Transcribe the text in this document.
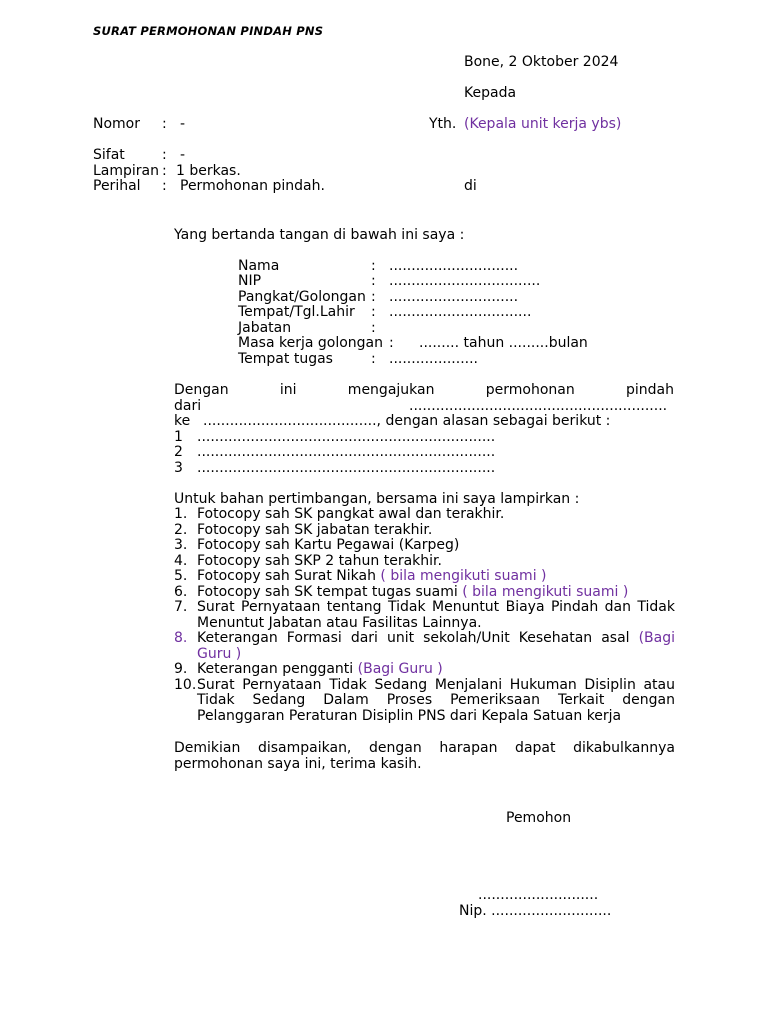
SURAT PERMOHONAN PINDAH PNS
Bone, 2 Oktober 2024
Kepada
Nomor : -	Yth. (Kepala unit kerja ybs)
Sifat	: -
Lampiran : 1 berkas.
Perihal : Permohonan pindah.	di
Yang bertanda tangan di bawah ini saya :
Nama	: .............................
NIP	: ..................................
Pangkat/Golongan : .............................
Tempat/Tgl.Lahir : ................................
Jabatan	:
Masa kerja golongan : ......... tahun .........bulan
Tempat tugas	: ....................
Dengan ini mengajukan permohonan pindah
dari	..........................................................
ke ......................................., dengan alasan sebagai berikut :
1 ...................................................................
2 ...................................................................
3 ...................................................................
Untuk bahan pertimbangan, bersama ini saya lampirkan :
1. Fotocopy sah SK pangkat awal dan terakhir.
2. Fotocopy sah SK jabatan terakhir.
3. Fotocopy sah Kartu Pegawai (Karpeg)
4. Fotocopy sah SKP 2 tahun terakhir.
5. Fotocopy sah Surat Nikah ( bila mengikuti suami )
6. Fotocopy sah SK tempat tugas suami ( bila mengikuti suami )
7. Surat Pernyataan tentang Tidak Menuntut Biaya Pindah dan Tidak Menuntut Jabatan atau Fasilitas Lainnya.
8. Keterangan Formasi dari unit sekolah/Unit Kesehatan asal (Bagi Guru )
9. Keterangan pengganti (Bagi Guru )
10. Surat Pernyataan Tidak Sedang Menjalani Hukuman Disiplin atau Tidak Sedang Dalam Proses Pemeriksaan Terkait dengan Pelanggaran Peraturan Disiplin PNS dari Kepala Satuan kerja
Demikian disampaikan, dengan harapan dapat dikabulkannya permohonan saya ini, terima kasih.
Pemohon
...........................
Nip. ...........................
